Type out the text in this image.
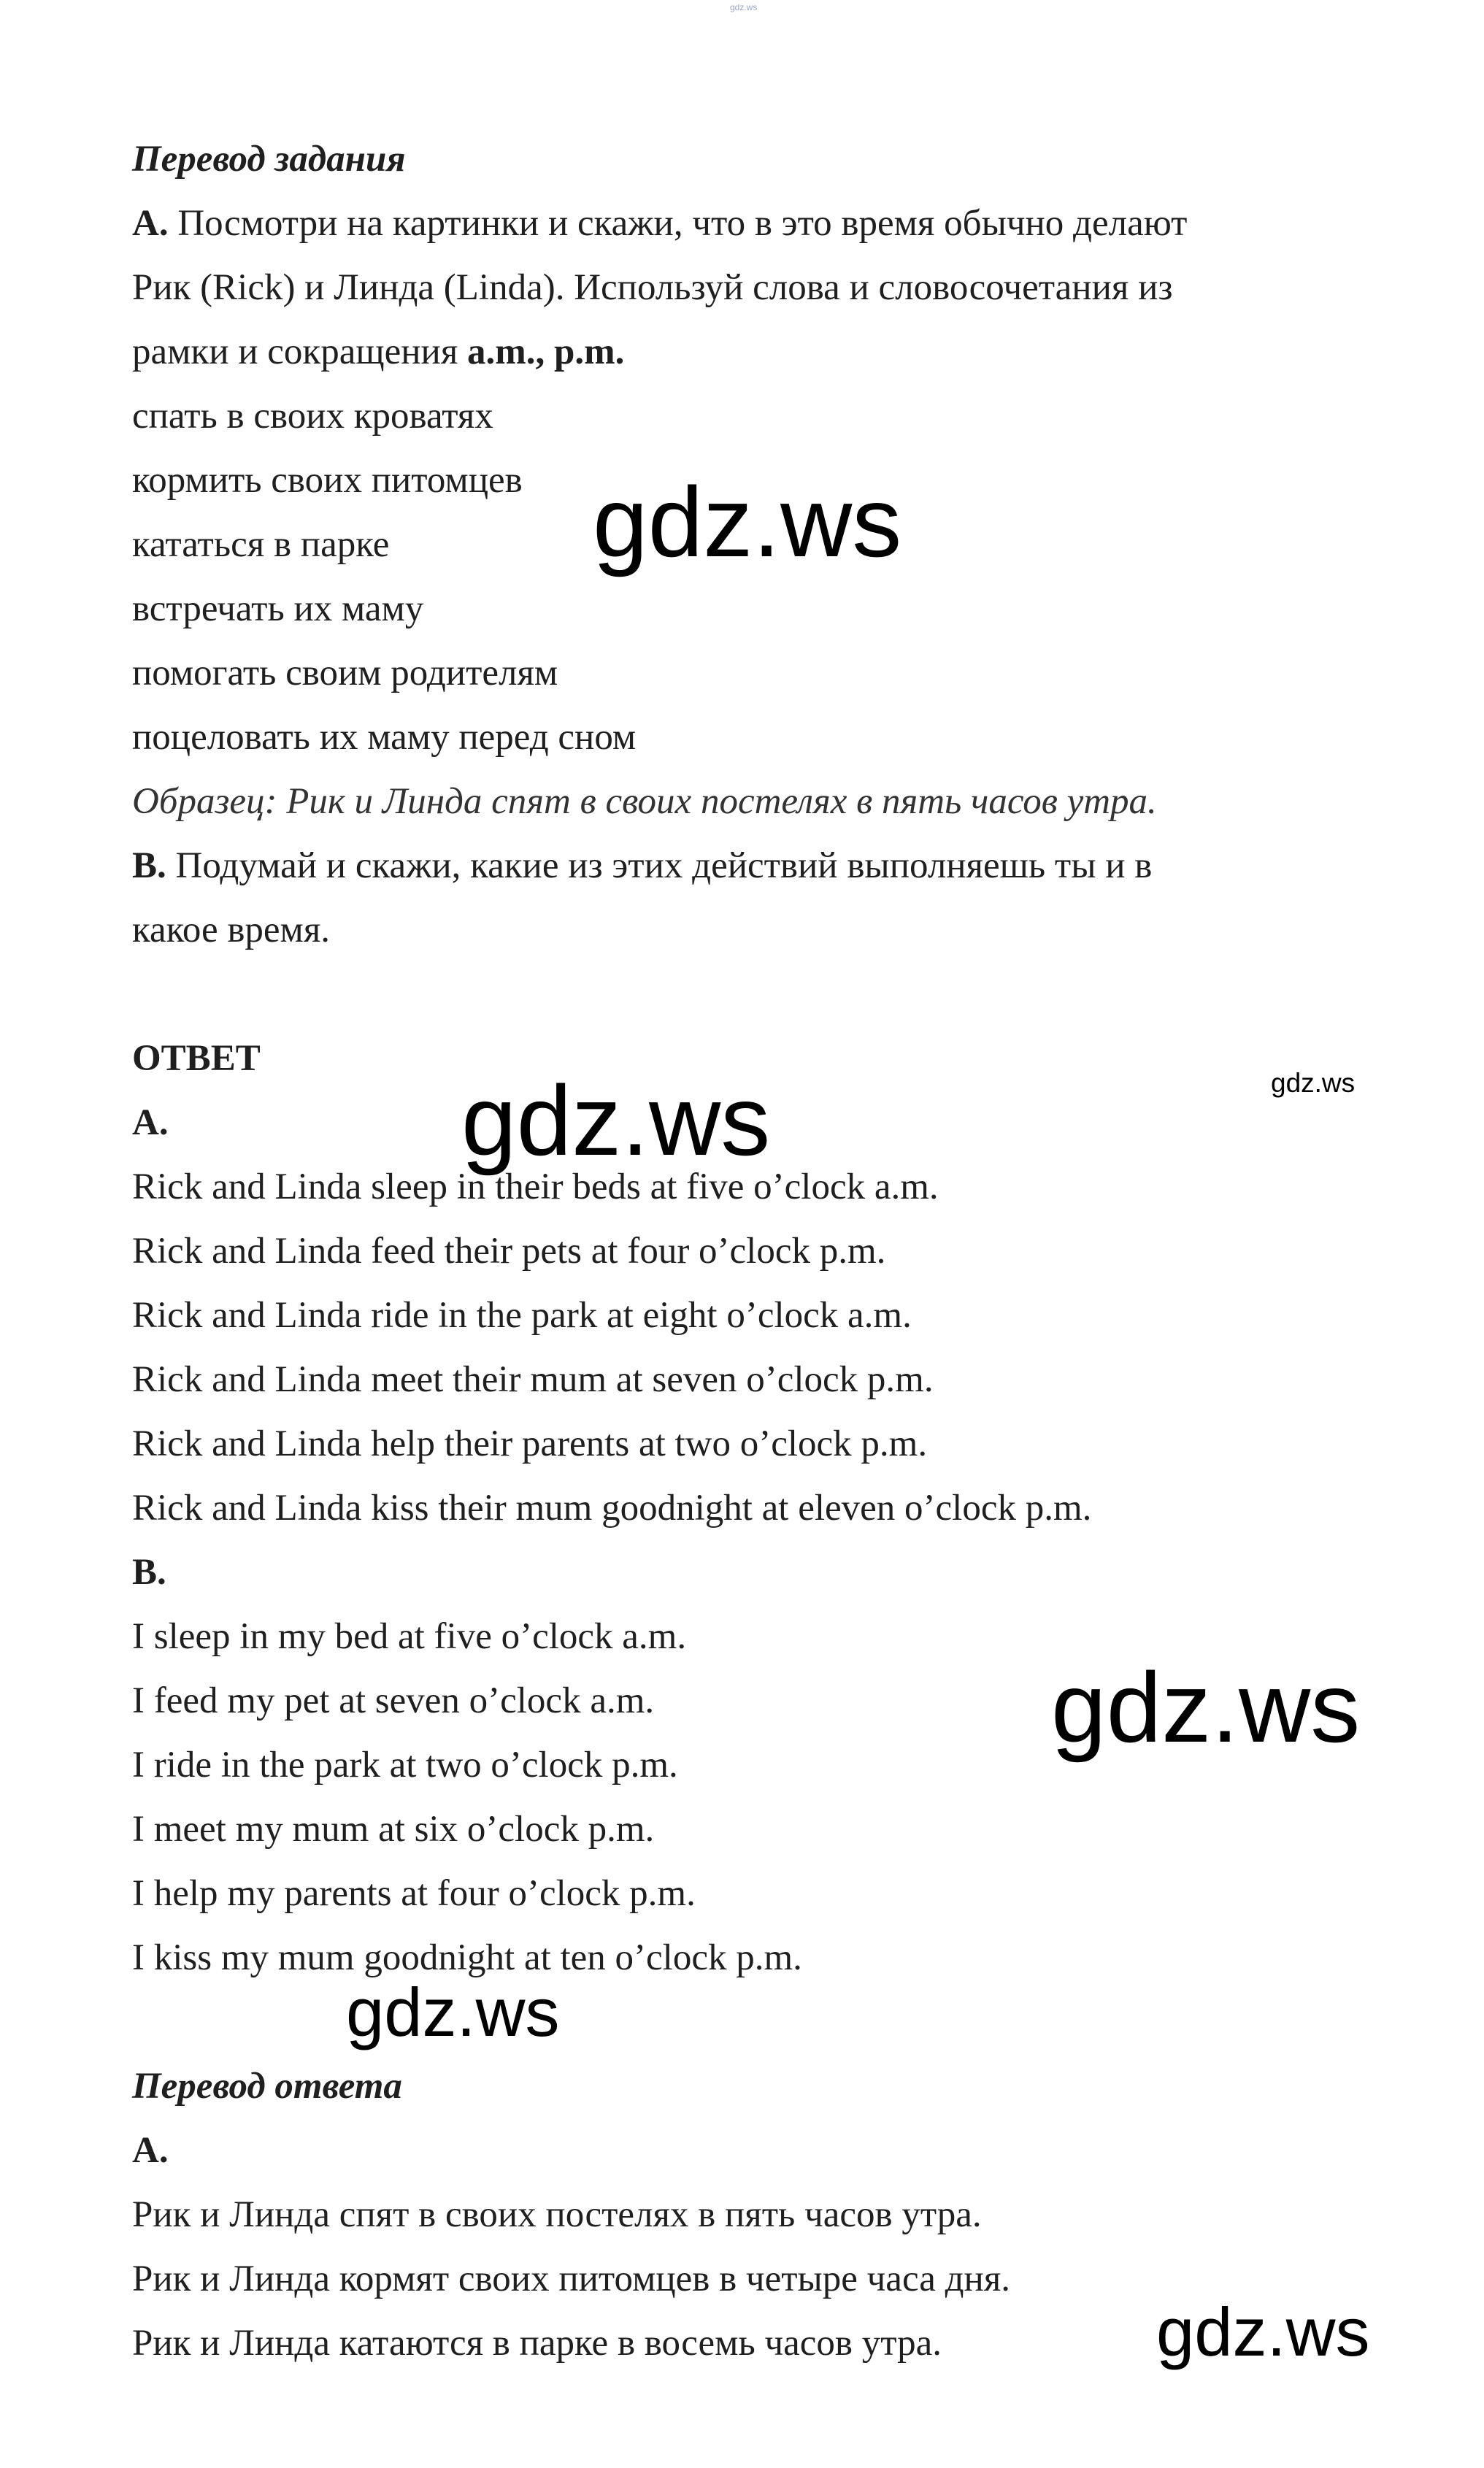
gdz.ws
Перевод задания
A. Посмотри на картинки и скажи, что в это время обычно делают
Рик (Rick) и Линда (Linda). Используй слова и словосочетания из
рамки и сокращения a.m., p.m.
спать в своих кроватях
кормить своих питомцев
кататься в парке
встречать их маму
помогать своим родителям
поцеловать их маму перед сном
Образец: Рик и Линда спят в своих постелях в пять часов утра.
B. Подумай и скажи, какие из этих действий выполняешь ты и в
какое время.
ОТВЕТ
A.
Rick and Linda sleep in their beds at five o’clock a.m.
Rick and Linda feed their pets at four o’clock p.m.
Rick and Linda ride in the park at eight o’clock a.m.
Rick and Linda meet their mum at seven o’clock p.m.
Rick and Linda help their parents at two o’clock p.m.
Rick and Linda kiss their mum goodnight at eleven o’clock p.m.
B.
I sleep in my bed at five o’clock a.m.
I feed my pet at seven o’clock a.m.
I ride in the park at two o’clock p.m.
I meet my mum at six o’clock p.m.
I help my parents at four o’clock p.m.
I kiss my mum goodnight at ten o’clock p.m.
Перевод ответа
A.
Рик и Линда спят в своих постелях в пять часов утра.
Рик и Линда кормят своих питомцев в четыре часа дня.
Рик и Линда катаются в парке в восемь часов утра.
gdz.ws
gdz.ws
gdz.ws
gdz.ws
gdz.ws
gdz.ws
